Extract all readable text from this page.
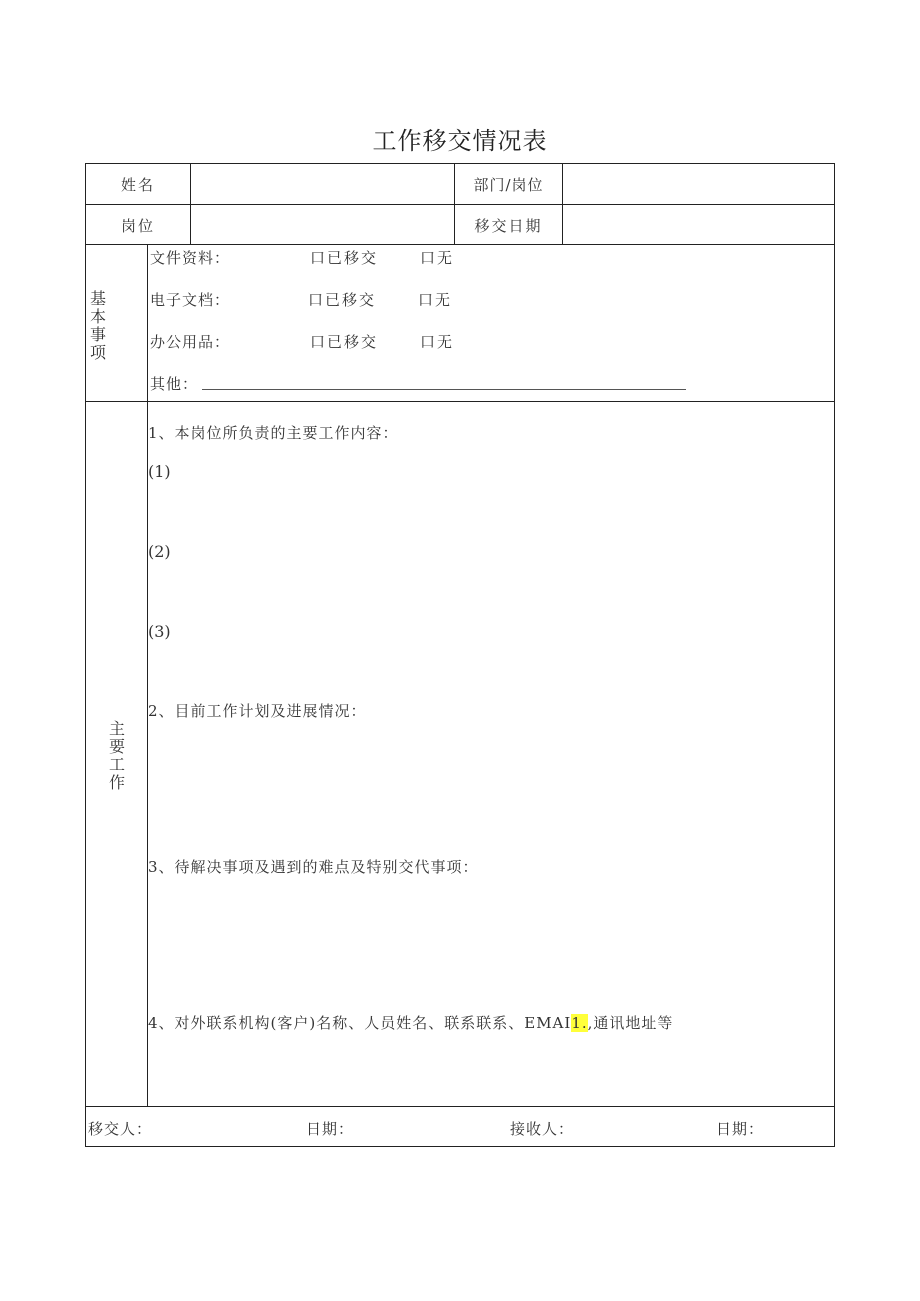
工作移交情况表
姓名	部门/岗位
岗位	移交日期
基本事项
文件资料：	口已移交	口无
电子文档：	口已移交	口无
办公用品：	口已移交	口无
其他：
主要工作
1、本岗位所负责的主要工作内容：
(1)
(2)
(3)
2、目前工作计划及进展情况：
3、待解决事项及遇到的难点及特别交代事项：
4、对外联系机构(客户)名称、人员姓名、联系联系、EMAI1.,通讯地址等
移交人：	日期：	接收人：	日期：
